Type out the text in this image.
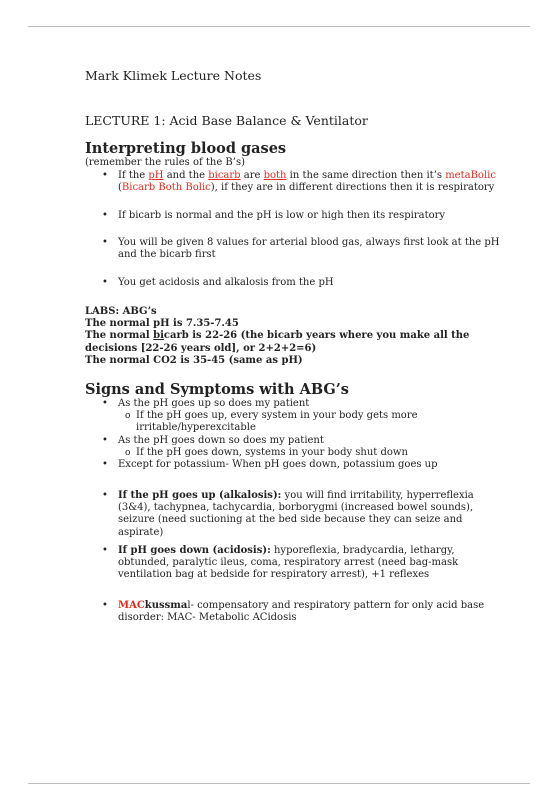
Mark Klimek Lecture Notes
LECTURE 1: Acid Base Balance & Ventilator
Interpreting blood gases
(remember the rules of the B’s)
• If the pH and the bicarb are both in the same direction then it’s metaBolic (Bicarb Both Bolic), if they are in different directions then it is respiratory
• If bicarb is normal and the pH is low or high then its respiratory
• You will be given 8 values for arterial blood gas, always first look at the pH and the bicarb first
• You get acidosis and alkalosis from the pH

LABS: ABG’s

The normal pH is 7.35-7.45

The normal bicarb is 22-26 (the bicarb years where you make all the decisions [22-26 years old], or 2+2+2=6)

The normal CO2 is 35-45 (same as pH)

Signs and Symptoms with ABG’s
• As the pH goes up so does my patient
o If the pH goes up, every system in your body gets more irritable/hyperexcitable
• As the pH goes down so does my patient
o If the pH goes down, systems in your body shut down
• Except for potassium- When pH goes down, potassium goes up
• If the pH goes up (alkalosis): you will find irritability, hyperreflexia (3&4), tachypnea, tachycardia, borborygmi (increased bowel sounds), seizure (need suctioning at the bed side because they can seize and aspirate)
• If pH goes down (acidosis): hyporeflexia, bradycardia, lethargy, obtunded, paralytic ileus, coma, respiratory arrest (need bag-mask ventilation bag at bedside for respiratory arrest), +1 reflexes
• MACkussmal- compensatory and respiratory pattern for only acid base disorder: MAC- Metabolic ACidosis
